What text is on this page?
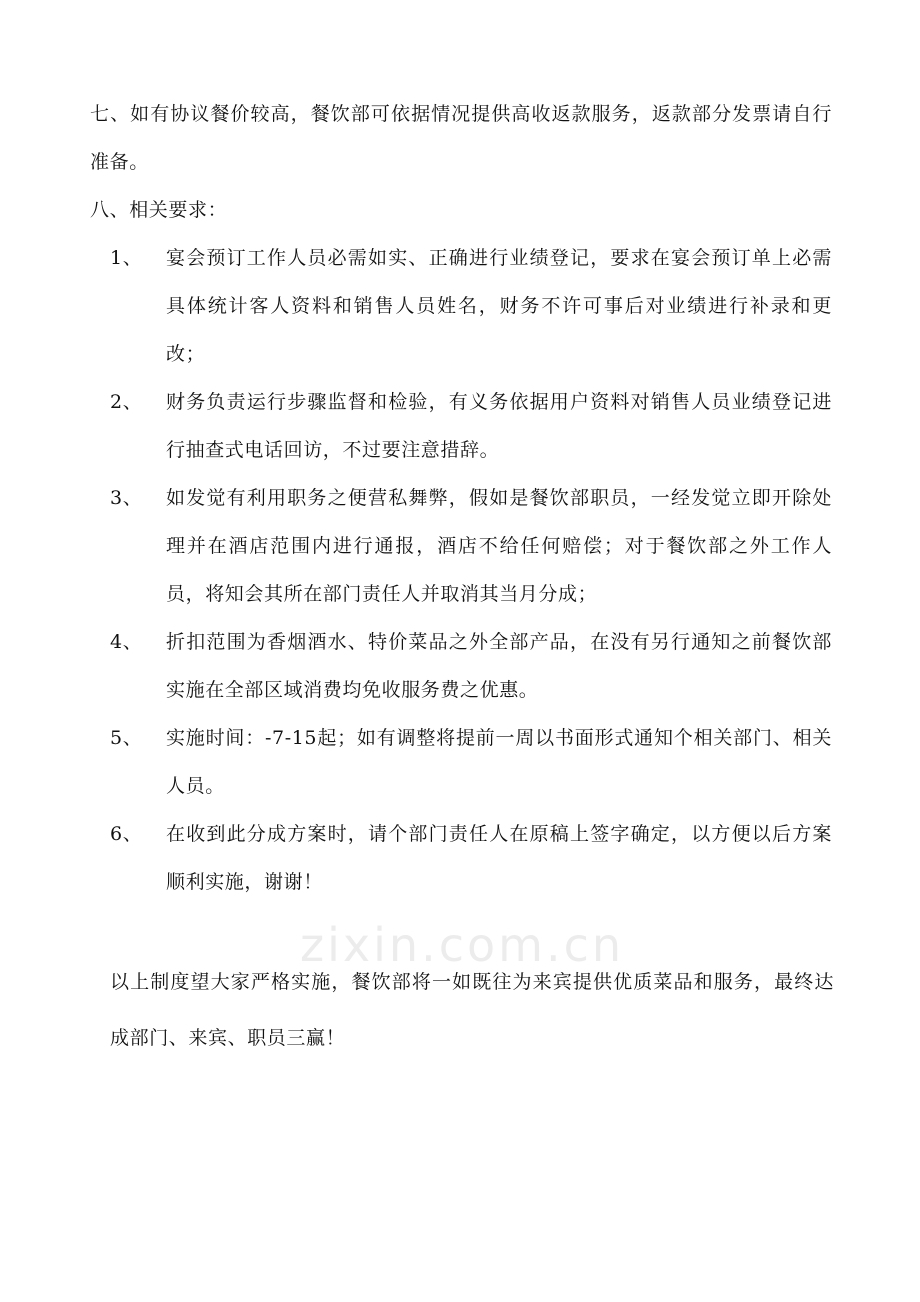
七、如有协议餐价较高，餐饮部可依据情况提供高收返款服务，返款部分发票请自行准备。

八、相关要求：

1、	宴会预订工作人员必需如实、正确进行业绩登记，要求在宴会预订单上必需具体统计客人资料和销售人员姓名，财务不许可事后对业绩进行补录和更改；
2、	财务负责运行步骤监督和检验，有义务依据用户资料对销售人员业绩登记进行抽查式电话回访，不过要注意措辞。
3、	如发觉有利用职务之便营私舞弊，假如是餐饮部职员，一经发觉立即开除处理并在酒店范围内进行通报，酒店不给任何赔偿；对于餐饮部之外工作人员，将知会其所在部门责任人并取消其当月分成；
4、	折扣范围为香烟酒水、特价菜品之外全部产品，在没有另行通知之前餐饮部实施在全部区域消费均免收服务费之优惠。
5、	实施时间：-7-15起；如有调整将提前一周以书面形式通知个相关部门、相关人员。
6、	在收到此分成方案时，请个部门责任人在原稿上签字确定，以方便以后方案顺利实施，谢谢！

以上制度望大家严格实施，餐饮部将一如既往为来宾提供优质菜品和服务，最终达成部门、来宾、职员三赢！

zixin.com.cn
